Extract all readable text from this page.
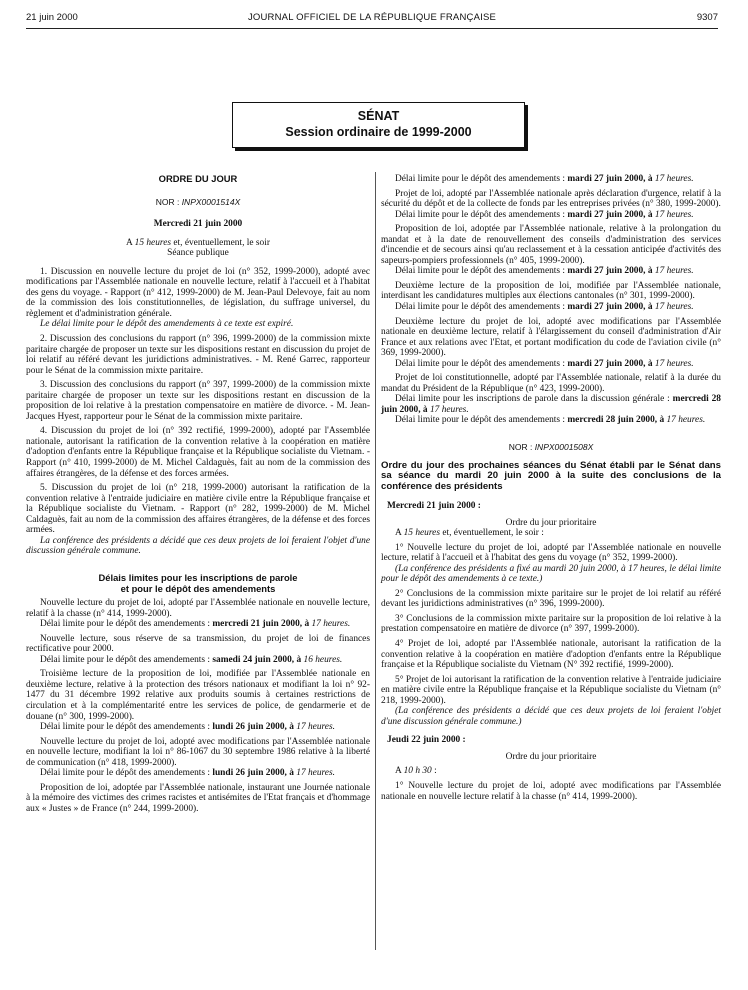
21 juin 2000	JOURNAL OFFICIEL DE LA RÉPUBLIQUE FRANÇAISE	9307
SÉNAT
Session ordinaire de 1999-2000

ORDRE DU JOUR

NOR : INPX0001514X

Mercredi 21 juin 2000

A 15 heures et, éventuellement, le soir

Séance publique

1. Discussion en nouvelle lecture du projet de loi (n° 352, 1999-2000), adopté avec modifications par l'Assemblée nationale en nouvelle lecture, relatif à l'accueil et à l'habitat des gens du voyage. - Rapport (n° 412, 1999-2000) de M. Jean-Paul Delevoye, fait au nom de la commission des lois constitutionnelles, de législation, du suffrage universel, du règlement et d'administration générale.

Le délai limite pour le dépôt des amendements à ce texte est expiré.

2. Discussion des conclusions du rapport (n° 396, 1999-2000) de la commission mixte paritaire chargée de proposer un texte sur les dispositions restant en discussion du projet de loi relatif au référé devant les juridictions administratives. - M. René Garrec, rapporteur pour le Sénat de la commission mixte paritaire.

3. Discussion des conclusions du rapport (n° 397, 1999-2000) de la commission mixte paritaire chargée de proposer un texte sur les dispositions restant en discussion de la proposition de loi relative à la prestation compensatoire en matière de divorce. - M. Jean-Jacques Hyest, rapporteur pour le Sénat de la commission mixte paritaire.

4. Discussion du projet de loi (n° 392 rectifié, 1999-2000), adopté par l'Assemblée nationale, autorisant la ratification de la convention relative à la coopération en matière d'adoption d'enfants entre la République française et la République socialiste du Vietnam. - Rapport (n° 410, 1999-2000) de M. Michel Caldaguès, fait au nom de la commission des affaires étrangères, de la défense et des forces armées.

5. Discussion du projet de loi (n° 218, 1999-2000) autorisant la ratification de la convention relative à l'entraide judiciaire en matière civile entre la République française et la République socialiste du Vietnam. - Rapport (n° 282, 1999-2000) de M. Michel Caldaguès, fait au nom de la commission des affaires étrangères, de la défense et des forces armées.

La conférence des présidents a décidé que ces deux projets de loi feraient l'objet d'une discussion générale commune.

Délais limites pour les inscriptions de parole

et pour le dépôt des amendements

Nouvelle lecture du projet de loi, adopté par l'Assemblée nationale en nouvelle lecture, relatif à la chasse (n° 414, 1999-2000).

Délai limite pour le dépôt des amendements : mercredi 21 juin 2000, à 17 heures.

Nouvelle lecture, sous réserve de sa transmission, du projet de loi de finances rectificative pour 2000.

Délai limite pour le dépôt des amendements : samedi 24 juin 2000, à 16 heures.

Troisième lecture de la proposition de loi, modifiée par l'Assemblée nationale en deuxième lecture, relative à la protection des trésors nationaux et modifiant la loi n° 92-1477 du 31 décembre 1992 relative aux produits soumis à certaines restrictions de circulation et à la complémentarité entre les services de police, de gendarmerie et de douane (n° 300, 1999-2000).

Délai limite pour le dépôt des amendements : lundi 26 juin 2000, à 17 heures.

Nouvelle lecture du projet de loi, adopté avec modifications par l'Assemblée nationale en nouvelle lecture, modifiant la loi n° 86-1067 du 30 septembre 1986 relative à la liberté de communication (n° 418, 1999-2000).

Délai limite pour le dépôt des amendements : lundi 26 juin 2000, à 17 heures.

Proposition de loi, adoptée par l'Assemblée nationale, instaurant une Journée nationale à la mémoire des victimes des crimes racistes et antisémites de l'Etat français et d'hommage aux « Justes » de France (n° 244, 1999-2000).

Délai limite pour le dépôt des amendements : mardi 27 juin 2000, à 17 heures.

Projet de loi, adopté par l'Assemblée nationale après déclaration d'urgence, relatif à la sécurité du dépôt et de la collecte de fonds par les entreprises privées (n° 380, 1999-2000).

Délai limite pour le dépôt des amendements : mardi 27 juin 2000, à 17 heures.

Proposition de loi, adoptée par l'Assemblée nationale, relative à la prolongation du mandat et à la date de renouvellement des conseils d'administration des services d'incendie et de secours ainsi qu'au reclassement et à la cessation anticipée d'activités des sapeurs-pompiers professionnels (n° 405, 1999-2000).

Délai limite pour le dépôt des amendements : mardi 27 juin 2000, à 17 heures.

Deuxième lecture de la proposition de loi, modifiée par l'Assemblée nationale, interdisant les candidatures multiples aux élections cantonales (n° 301, 1999-2000).

Délai limite pour le dépôt des amendements : mardi 27 juin 2000, à 17 heures.

Deuxième lecture du projet de loi, adopté avec modifications par l'Assemblée nationale en deuxième lecture, relatif à l'élargissement du conseil d'administration d'Air France et aux relations avec l'Etat, et portant modification du code de l'aviation civile (n° 369, 1999-2000).

Délai limite pour le dépôt des amendements : mardi 27 juin 2000, à 17 heures.

Projet de loi constitutionnelle, adopté par l'Assemblée nationale, relatif à la durée du mandat du Président de la République (n° 423, 1999-2000).

Délai limite pour les inscriptions de parole dans la discussion générale : mercredi 28 juin 2000, à 17 heures.

Délai limite pour le dépôt des amendements : mercredi 28 juin 2000, à 17 heures.

NOR : INPX0001508X

Ordre du jour des prochaines séances du Sénat établi par le Sénat dans sa séance du mardi 20 juin 2000 à la suite des conclusions de la conférence des présidents

Mercredi 21 juin 2000 :

Ordre du jour prioritaire

A 15 heures et, éventuellement, le soir :

1° Nouvelle lecture du projet de loi, adopté par l'Assemblée nationale en nouvelle lecture, relatif à l'accueil et à l'habitat des gens du voyage (n° 352, 1999-2000).

(La conférence des présidents a fixé au mardi 20 juin 2000, à 17 heures, le délai limite pour le dépôt des amendements à ce texte.)

2° Conclusions de la commission mixte paritaire sur le projet de loi relatif au référé devant les juridictions administratives (n° 396, 1999-2000).

3° Conclusions de la commission mixte paritaire sur la proposition de loi relative à la prestation compensatoire en matière de divorce (n° 397, 1999-2000).

4° Projet de loi, adopté par l'Assemblée nationale, autorisant la ratification de la convention relative à la coopération en matière d'adoption d'enfants entre la République française et la République socialiste du Vietnam (N° 392 rectifié, 1999-2000).

5° Projet de loi autorisant la ratification de la convention relative à l'entraide judiciaire en matière civile entre la République française et la République socialiste du Vietnam (n° 218, 1999-2000).

(La conférence des présidents a décidé que ces deux projets de loi feraient l'objet d'une discussion générale commune.)

Jeudi 22 juin 2000 :

Ordre du jour prioritaire

A 10 h 30 :

1° Nouvelle lecture du projet de loi, adopté avec modifications par l'Assemblée nationale en nouvelle lecture relatif à la chasse (n° 414, 1999-2000).
